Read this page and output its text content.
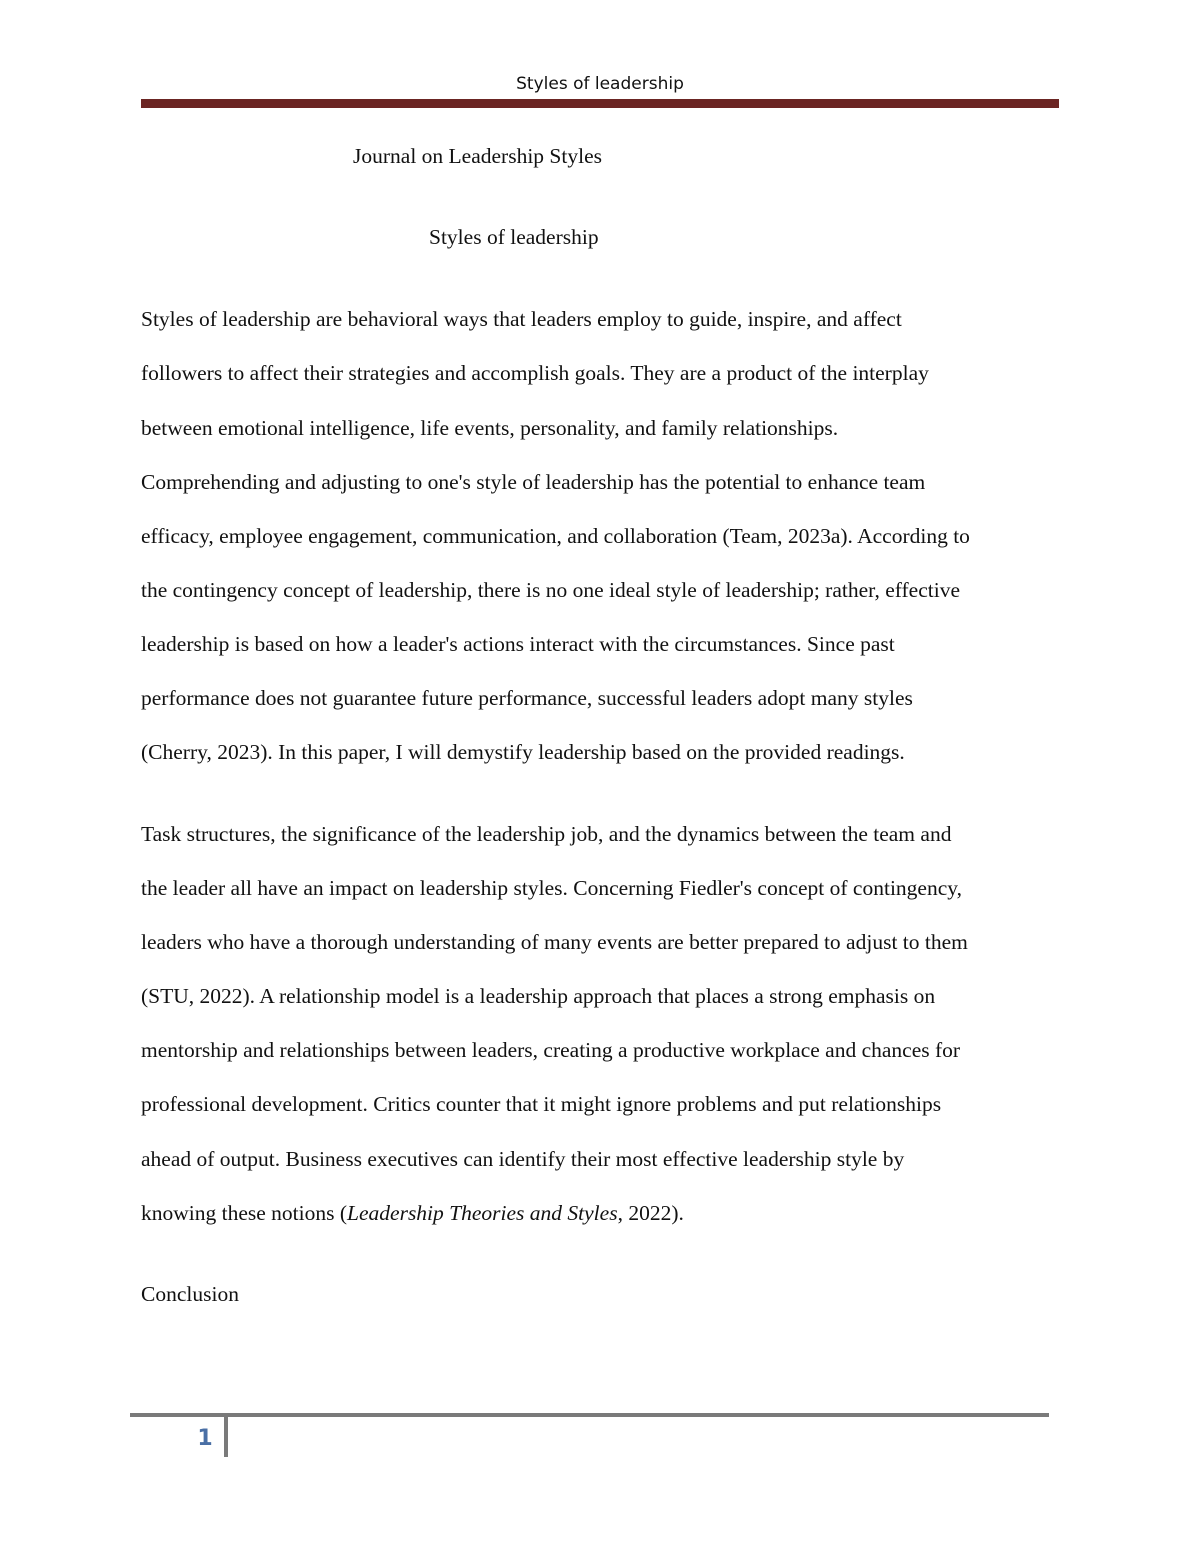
Styles of leadership
Journal on Leadership Styles
Styles of leadership
Styles of leadership are behavioral ways that leaders employ to guide, inspire, and affect
followers to affect their strategies and accomplish goals. They are a product of the interplay
between emotional intelligence, life events, personality, and family relationships.
Comprehending and adjusting to one's style of leadership has the potential to enhance team
efficacy, employee engagement, communication, and collaboration (Team, 2023a). According to
the contingency concept of leadership, there is no one ideal style of leadership; rather, effective
leadership is based on how a leader's actions interact with the circumstances. Since past
performance does not guarantee future performance, successful leaders adopt many styles
(Cherry, 2023). In this paper, I will demystify leadership based on the provided readings.
Task structures, the significance of the leadership job, and the dynamics between the team and
the leader all have an impact on leadership styles. Concerning Fiedler's concept of contingency,
leaders who have a thorough understanding of many events are better prepared to adjust to them
(STU, 2022). A relationship model is a leadership approach that places a strong emphasis on
mentorship and relationships between leaders, creating a productive workplace and chances for
professional development. Critics counter that it might ignore problems and put relationships
ahead of output. Business executives can identify their most effective leadership style by
knowing these notions (Leadership Theories and Styles, 2022).
Conclusion
1
